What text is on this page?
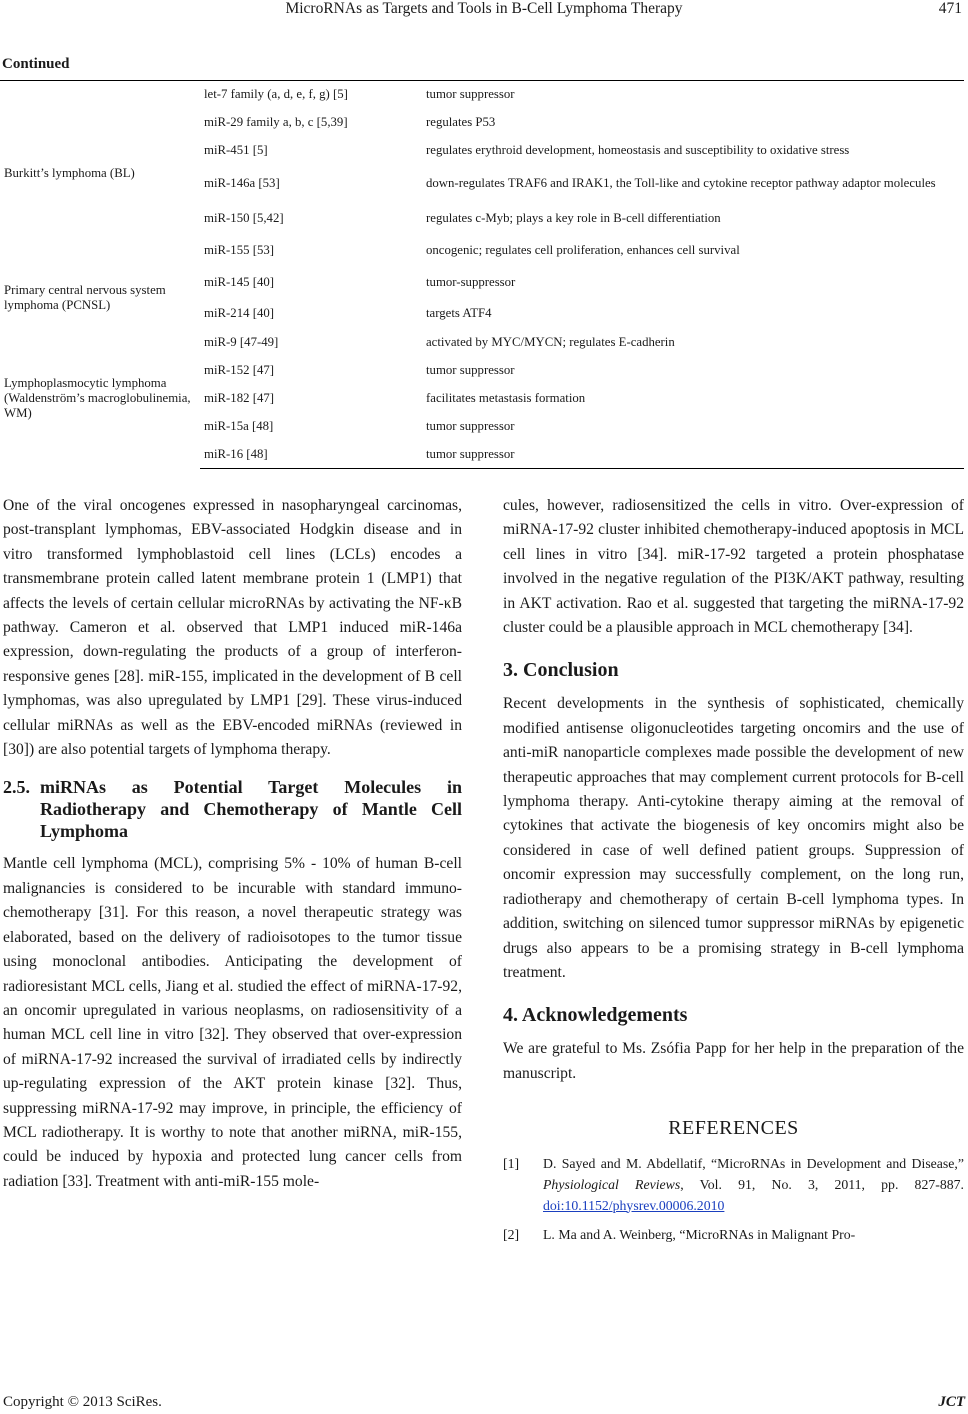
MicroRNAs as Targets and Tools in B-Cell Lymphoma Therapy	471
Continued
Burkitt’s lymphoma (BL)	let-7 family (a, d, e, f, g) [5]	tumor suppressor
	miR-29 family a, b, c [5,39]	regulates P53
	miR-451 [5]	regulates erythroid development, homeostasis and susceptibility to oxidative stress
	miR-146a [53]	down-regulates TRAF6 and IRAK1, the Toll-like and cytokine receptor pathway adaptor molecules
	miR-150 [5,42]	regulates c-Myb; plays a key role in B-cell differentiation
	miR-155 [53]	oncogenic; regulates cell proliferation, enhances cell survival
Primary central nervous system lymphoma (PCNSL)	miR-145 [40]	tumor-suppressor
	miR-214 [40]	targets ATF4
Lymphoplasmocytic lymphoma (Waldenström’s macroglobulinemia, WM)	miR-9 [47-49]	activated by MYC/MYCN; regulates E-cadherin
	miR-152 [47]	tumor suppressor
	miR-182 [47]	facilitates metastasis formation
	miR-15a [48]	tumor suppressor
	miR-16 [48]	tumor suppressor

One of the viral oncogenes expressed in nasopharyngeal carcinomas, post-transplant lymphomas, EBV-associated Hodgkin disease and in vitro transformed lymphoblastoid cell lines (LCLs) encodes a transmembrane protein called latent membrane protein 1 (LMP1) that affects the levels of certain cellular microRNAs by activating the NF-κB pathway. Cameron et al. observed that LMP1 induced miR-146a expression, down-regulating the products of a group of interferon-responsive genes [28]. miR-155, implicated in the development of B cell lymphomas, was also upregulated by LMP1 [29]. These virus-induced cellular miRNAs as well as the EBV-encoded miRNAs (reviewed in [30]) are also potential targets of lymphoma therapy.

2.5. miRNAs as Potential Target Molecules in Radiotherapy and Chemotherapy of Mantle Cell Lymphoma

Mantle cell lymphoma (MCL), comprising 5% - 10% of human B-cell malignancies is considered to be incurable with standard immuno-chemotherapy [31]. For this reason, a novel therapeutic strategy was elaborated, based on the delivery of radioisotopes to the tumor tissue using monoclonal antibodies. Anticipating the development of radioresistant MCL cells, Jiang et al. studied the effect of miRNA-17-92, an oncomir upregulated in various neoplasms, on radiosensitivity of a human MCL cell line in vitro [32]. They observed that over-expression of miRNA-17-92 increased the survival of irradiated cells by indirectly up-regulating expression of the AKT protein kinase [32]. Thus, suppressing miRNA-17-92 may improve, in principle, the efficiency of MCL radiotherapy. It is worthy to note that another miRNA, miR-155, could be induced by hypoxia and protected lung cancer cells from radiation [33]. Treatment with anti-miR-155 mole-

cules, however, radiosensitized the cells in vitro. Over-expression of miRNA-17-92 cluster inhibited chemotherapy-induced apoptosis in MCL cell lines in vitro [34]. miR-17-92 targeted a protein phosphatase involved in the negative regulation of the PI3K/AKT pathway, resulting in AKT activation. Rao et al. suggested that targeting the miRNA-17-92 cluster could be a plausible approach in MCL chemotherapy [34].

3. Conclusion

Recent developments in the synthesis of sophisticated, chemically modified antisense oligonucleotides targeting oncomirs and the use of anti-miR nanoparticle complexes made possible the development of new therapeutic approaches that may complement current protocols for B-cell lymphoma therapy. Anti-cytokine therapy aiming at the removal of cytokines that activate the biogenesis of key oncomirs might also be considered in case of well defined patient groups. Suppression of oncomir expression may successfully complement, on the long run, radiotherapy and chemotherapy of certain B-cell lymphoma types. In addition, switching on silenced tumor suppressor miRNAs by epigenetic drugs also appears to be a promising strategy in B-cell lymphoma treatment.

4. Acknowledgements

We are grateful to Ms. Zsófia Papp for her help in the preparation of the manuscript.

REFERENCES
[1] D. Sayed and M. Abdellatif, “MicroRNAs in Development and Disease,” Physiological Reviews, Vol. 91, No. 3, 2011, pp. 827-887. doi:10.1152/physrev.00006.2010
[2] L. Ma and A. Weinberg, “MicroRNAs in Malignant Pro-
Copyright © 2013 SciRes.	JCT
